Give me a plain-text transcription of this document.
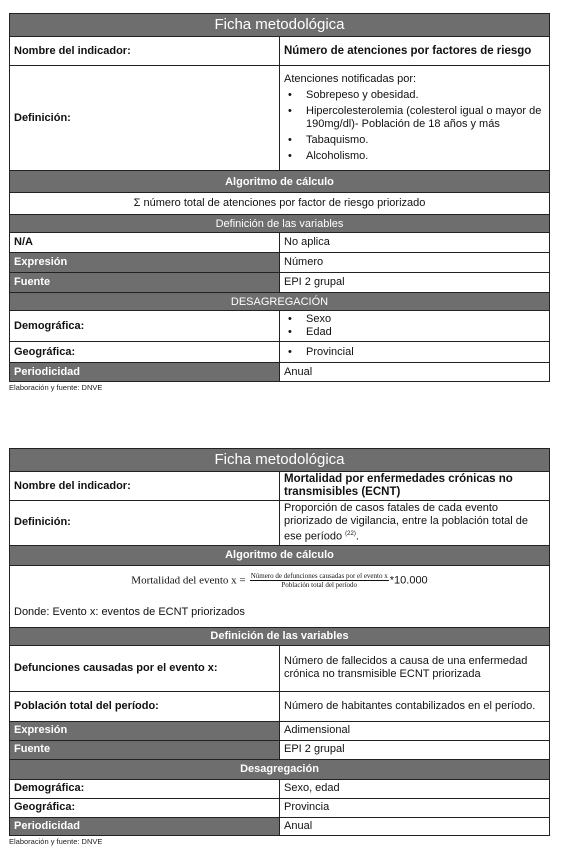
Ficha metodológica	
Nombre del indicador:	Número de atenciones por factores de riesgo
Definición:	Atenciones notificadas por:
• Sobrepeso y obesidad.
• Hipercolesterolemia (colesterol igual o mayor de 190mg/dl)- Población de 18 años y más
• Tabaquismo.
• Alcoholismo.

Algoritmo de cálculo	
Σ número total de atenciones por factor de riesgo priorizado	
Definición de las variables	
N/A	No aplica
Expresión	Número
Fuente	EPI 2 grupal
DESAGREGACIÓN	
Demográfica:	• Sexo
• Edad

Geográfica:	• Provincial

Periodicidad	Anual
Elaboración y fuente: DNVE
Ficha metodológica	
Nombre del indicador:	Mortalidad por enfermedades crónicas no transmisibles (ECNT)
Definición:	Proporción de casos fatales de cada evento priorizado de vigilancia, entre la población total de ese período $^{(22)}$.
Algoritmo de cálculo	

Mortalidad del evento $x = \frac{\text{Número de defunciones causadas por el evento x}}{\text{Población total del período}} *10.000$
Donde: Evento x: eventos de ECNT priorizados	

Definición de las variables	
Defunciones causadas por el evento x:	Número de fallecidos a causa de una enfermedad crónica no transmisible ECNT priorizada
Población total del período:	Número de habitantes contabilizados en el período.
Expresión	Adimensional
Fuente	EPI 2 grupal
Desagregación	
Demográfica:	Sexo, edad
Geográfica:	Provincia
Periodicidad	Anual
Elaboración y fuente: DNVE
